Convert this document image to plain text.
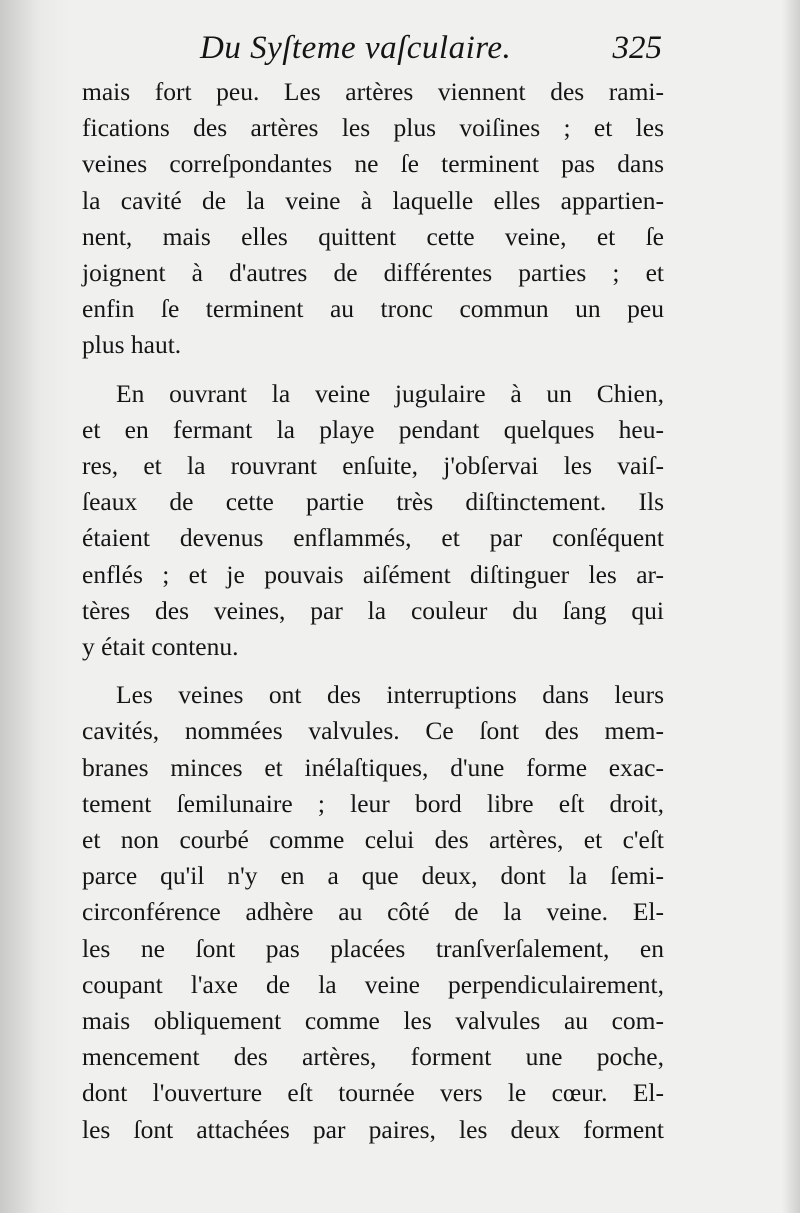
Du Syſteme vaſculaire.	325

mais fort peu. Les artères viennent des rami-
fications des artères les plus voiſines ; et les
veines correſpondantes ne ſe terminent pas dans
la cavité de la veine à laquelle elles appartien-
nent, mais elles quittent cette veine, et ſe
joignent à d'autres de différentes parties ; et
enfin ſe terminent au tronc commun un peu
plus haut.

En ouvrant la veine jugulaire à un Chien,
et en fermant la playe pendant quelques heu-
res, et la rouvrant enſuite, j'obſervai les vaiſ-
ſeaux de cette partie très diſtinctement. Ils
étaient devenus enflammés, et par conſéquent
enflés ; et je pouvais aiſément diſtinguer les ar-
tères des veines, par la couleur du ſang qui
y était contenu.

Les veines ont des interruptions dans leurs
cavités, nommées valvules. Ce ſont des mem-
branes minces et inélaſtiques, d'une forme exac-
tement ſemilunaire ; leur bord libre eſt droit,
et non courbé comme celui des artères, et c'eſt
parce qu'il n'y en a que deux, dont la ſemi-
circonférence adhère au côté de la veine. El-
les ne ſont pas placées tranſverſalement, en
coupant l'axe de la veine perpendiculairement,
mais obliquement comme les valvules au com-
mencement des artères, forment une poche,
dont l'ouverture eſt tournée vers le cœur. El-
les ſont attachées par paires, les deux forment
